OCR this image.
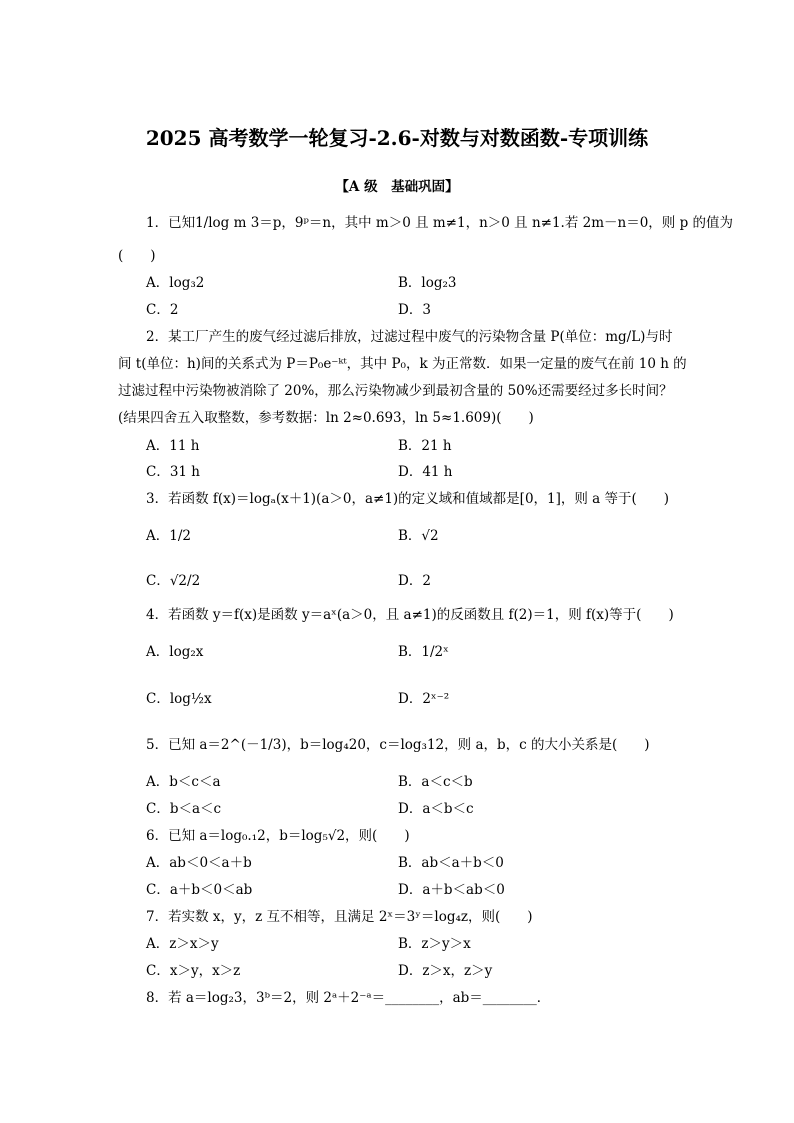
2025 高考数学一轮复习-2.6-对数与对数函数-专项训练
【A 级　基础巩固】
1．已知1/log m 3＝p，9ᵖ＝n，其中 m＞0 且 m≠1，n＞0 且 n≠1.若 2m－n＝0，则 p 的值为
(　　)
A．log₃2	B．log₂3
C．2	D．3
2．某工厂产生的废气经过滤后排放，过滤过程中废气的污染物含量 P(单位：mg/L)与时
间 t(单位：h)间的关系式为 P＝P₀e⁻ᵏᵗ，其中 P₀，k 为正常数．如果一定量的废气在前 10 h 的
过滤过程中污染物被消除了 20%，那么污染物减少到最初含量的 50%还需要经过多长时间？
(结果四舍五入取整数，参考数据：ln 2≈0.693，ln 5≈1.609)(　　)
A．11 h	B．21 h
C．31 h	D．41 h
3．若函数 f(x)＝logₐ(x＋1)(a＞0，a≠1)的定义域和值域都是[0，1]，则 a 等于(　　)
A．1/2	B．√2
C．√2/2	D．2
4．若函数 y＝f(x)是函数 y＝aˣ(a＞0，且 a≠1)的反函数且 f(2)＝1，则 f(x)等于(　　)
A．log₂x	B．1/2ˣ
C．log½x	D．2ˣ⁻²
5．已知 a＝2^(－1/3)，b＝log₄20，c＝log₃12，则 a，b，c 的大小关系是(　　)
A．b＜c＜a	B．a＜c＜b
C．b＜a＜c	D．a＜b＜c
6．已知 a＝log₀.₁2，b＝log₅√2，则(　　)
A．ab＜0＜a＋b	B．ab＜a＋b＜0
C．a＋b＜0＜ab	D．a＋b＜ab＜0
7．若实数 x，y，z 互不相等，且满足 2ˣ＝3ʸ＝log₄z，则(　　)
A．z＞x＞y	B．z＞y＞x
C．x＞y，x＞z	D．z＞x，z＞y
8．若 a＝log₂3，3ᵇ＝2，则 2ᵃ＋2⁻ᵃ＝________，ab＝________．
